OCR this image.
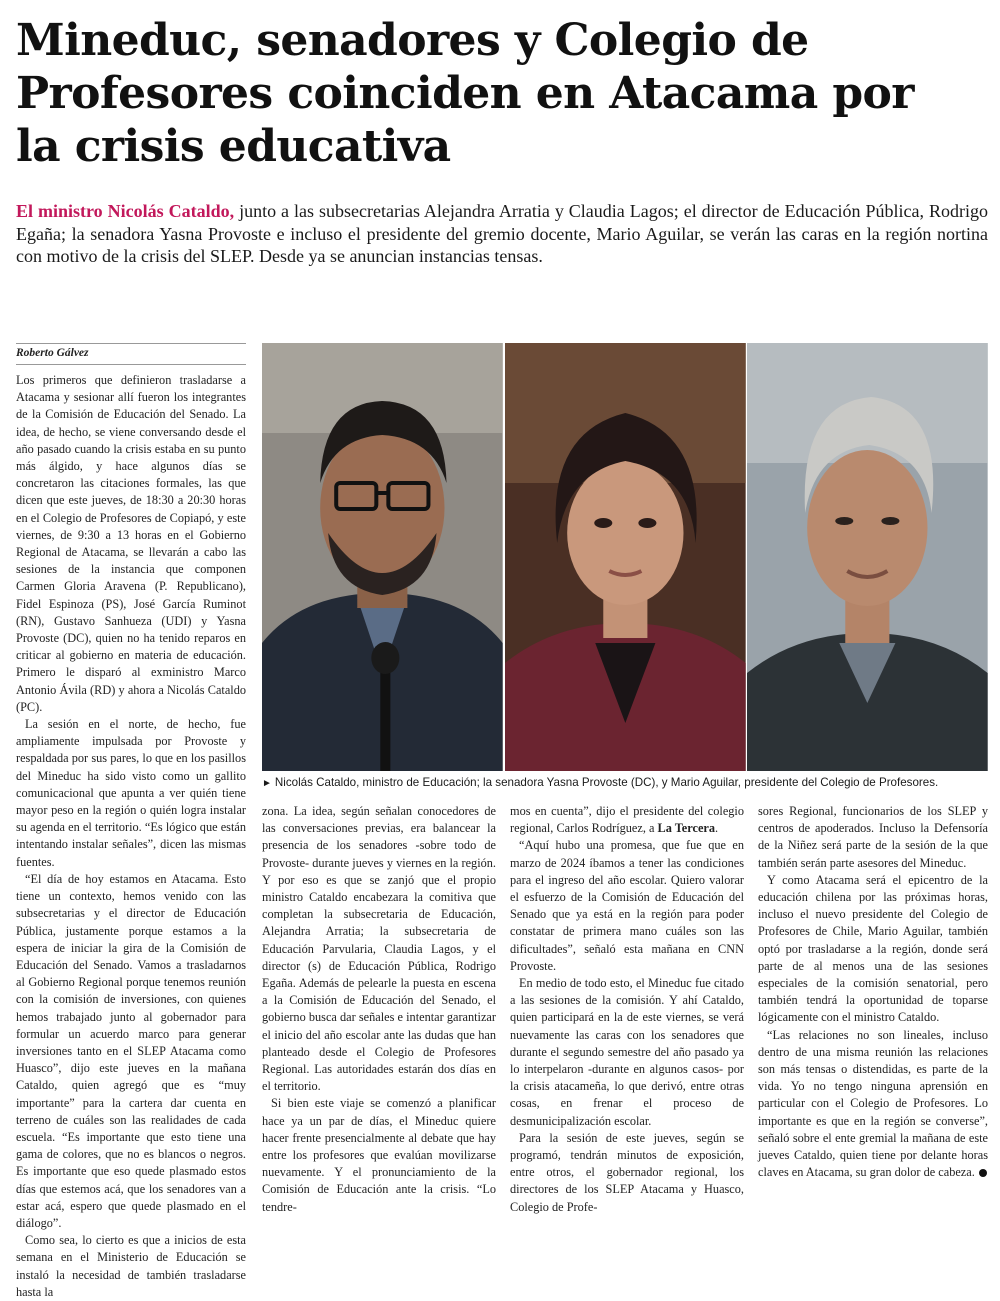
Mineduc, senadores y Colegio de Profesores coinciden en Atacama por la crisis educativa

El ministro Nicolás Cataldo, junto a las subsecretarias Alejandra Arratia y Claudia Lagos; el director de Educación Pública, Rodrigo Egaña; la senadora Yasna Provoste e incluso el presidente del gremio docente, Mario Aguilar, se verán las caras en la región nortina con motivo de la crisis del SLEP. Desde ya se anuncian instancias tensas.

Roberto Gálvez

Los primeros que definieron trasladarse a Atacama y sesionar allí fueron los integrantes de la Comisión de Educación del Senado. La idea, de hecho, se viene conversando desde el año pasado cuando la crisis estaba en su punto más álgido, y hace algunos días se concretaron las citaciones formales, las que dicen que este jueves, de 18:30 a 20:30 horas en el Colegio de Profesores de Copiapó, y este viernes, de 9:30 a 13 horas en el Gobierno Regional de Atacama, se llevarán a cabo las sesiones de la instancia que componen Carmen Gloria Aravena (P. Republicano), Fidel Espinoza (PS), José García Ruminot (RN), Gustavo Sanhueza (UDI) y Yasna Provoste (DC), quien no ha tenido reparos en criticar al gobierno en materia de educación. Primero le disparó al exministro Marco Antonio Ávila (RD) y ahora a Nicolás Cataldo (PC).

La sesión en el norte, de hecho, fue ampliamente impulsada por Provoste y respaldada por sus pares, lo que en los pasillos del Mineduc ha sido visto como un gallito comunicacional que apunta a ver quién tiene mayor peso en la región o quién logra instalar su agenda en el territorio. “Es lógico que están intentando instalar señales”, dicen las mismas fuentes.

“El día de hoy estamos en Atacama. Esto tiene un contexto, hemos venido con las subsecretarias y el director de Educación Pública, justamente porque estamos a la espera de iniciar la gira de la Comisión de Educación del Senado. Vamos a trasladarnos al Gobierno Regional porque tenemos reunión con la comisión de inversiones, con quienes hemos trabajado junto al gobernador para formular un acuerdo marco para generar inversiones tanto en el SLEP Atacama como Huasco”, dijo este jueves en la mañana Cataldo, quien agregó que es “muy importante” para la cartera dar cuenta en terreno de cuáles son las realidades de cada escuela. “Es importante que esto tiene una gama de colores, que no es blancos o negros. Es importante que eso quede plasmado estos días que estemos acá, que los senadores van a estar acá, espero que quede plasmado en el diálogo”.

Como sea, lo cierto es que a inicios de esta semana en el Ministerio de Educación se instaló la necesidad de también trasladarse hasta la

► Nicolás Cataldo, ministro de Educación; la senadora Yasna Provoste (DC), y Mario Aguilar, presidente del Colegio de Profesores.

zona. La idea, según señalan conocedores de las conversaciones previas, era balancear la presencia de los senadores -sobre todo de Provoste- durante jueves y viernes en la región. Y por eso es que se zanjó que el propio ministro Cataldo encabezara la comitiva que completan la subsecretaria de Educación, Alejandra Arratia; la subsecretaria de Educación Parvularia, Claudia Lagos, y el director (s) de Educación Pública, Rodrigo Egaña. Además de pelearle la puesta en escena a la Comisión de Educación del Senado, el gobierno busca dar señales e intentar garantizar el inicio del año escolar ante las dudas que han planteado desde el Colegio de Profesores Regional. Las autoridades estarán dos días en el territorio.

Si bien este viaje se comenzó a planificar hace ya un par de días, el Mineduc quiere hacer frente presencialmente al debate que hay entre los profesores que evalúan movilizarse nuevamente. Y el pronunciamiento de la Comisión de Educación ante la crisis. “Lo tendre-

mos en cuenta”, dijo el presidente del colegio regional, Carlos Rodríguez, a La Tercera.

“Aquí hubo una promesa, que fue que en marzo de 2024 íbamos a tener las condiciones para el ingreso del año escolar. Quiero valorar el esfuerzo de la Comisión de Educación del Senado que ya está en la región para poder constatar de primera mano cuáles son las dificultades”, señaló esta mañana en CNN Provoste.

En medio de todo esto, el Mineduc fue citado a las sesiones de la comisión. Y ahí Cataldo, quien participará en la de este viernes, se verá nuevamente las caras con los senadores que durante el segundo semestre del año pasado ya lo interpelaron -durante en algunos casos- por la crisis atacameña, lo que derivó, entre otras cosas, en frenar el proceso de desmunicipalización escolar.

Para la sesión de este jueves, según se programó, tendrán minutos de exposición, entre otros, el gobernador regional, los directores de los SLEP Atacama y Huasco, Colegio de Profe-

sores Regional, funcionarios de los SLEP y centros de apoderados. Incluso la Defensoría de la Niñez será parte de la sesión de la que también serán parte asesores del Mineduc.

Y como Atacama será el epicentro de la educación chilena por las próximas horas, incluso el nuevo presidente del Colegio de Profesores de Chile, Mario Aguilar, también optó por trasladarse a la región, donde será parte de al menos una de las sesiones especiales de la comisión senatorial, pero también tendrá la oportunidad de toparse lógicamente con el ministro Cataldo.

“Las relaciones no son lineales, incluso dentro de una misma reunión las relaciones son más tensas o distendidas, es parte de la vida. Yo no tengo ninguna aprensión en particular con el Colegio de Profesores. Lo importante es que en la región se converse”, señaló sobre el ente gremial la mañana de este jueves Cataldo, quien tiene por delante horas claves en Atacama, su gran dolor de cabeza.
